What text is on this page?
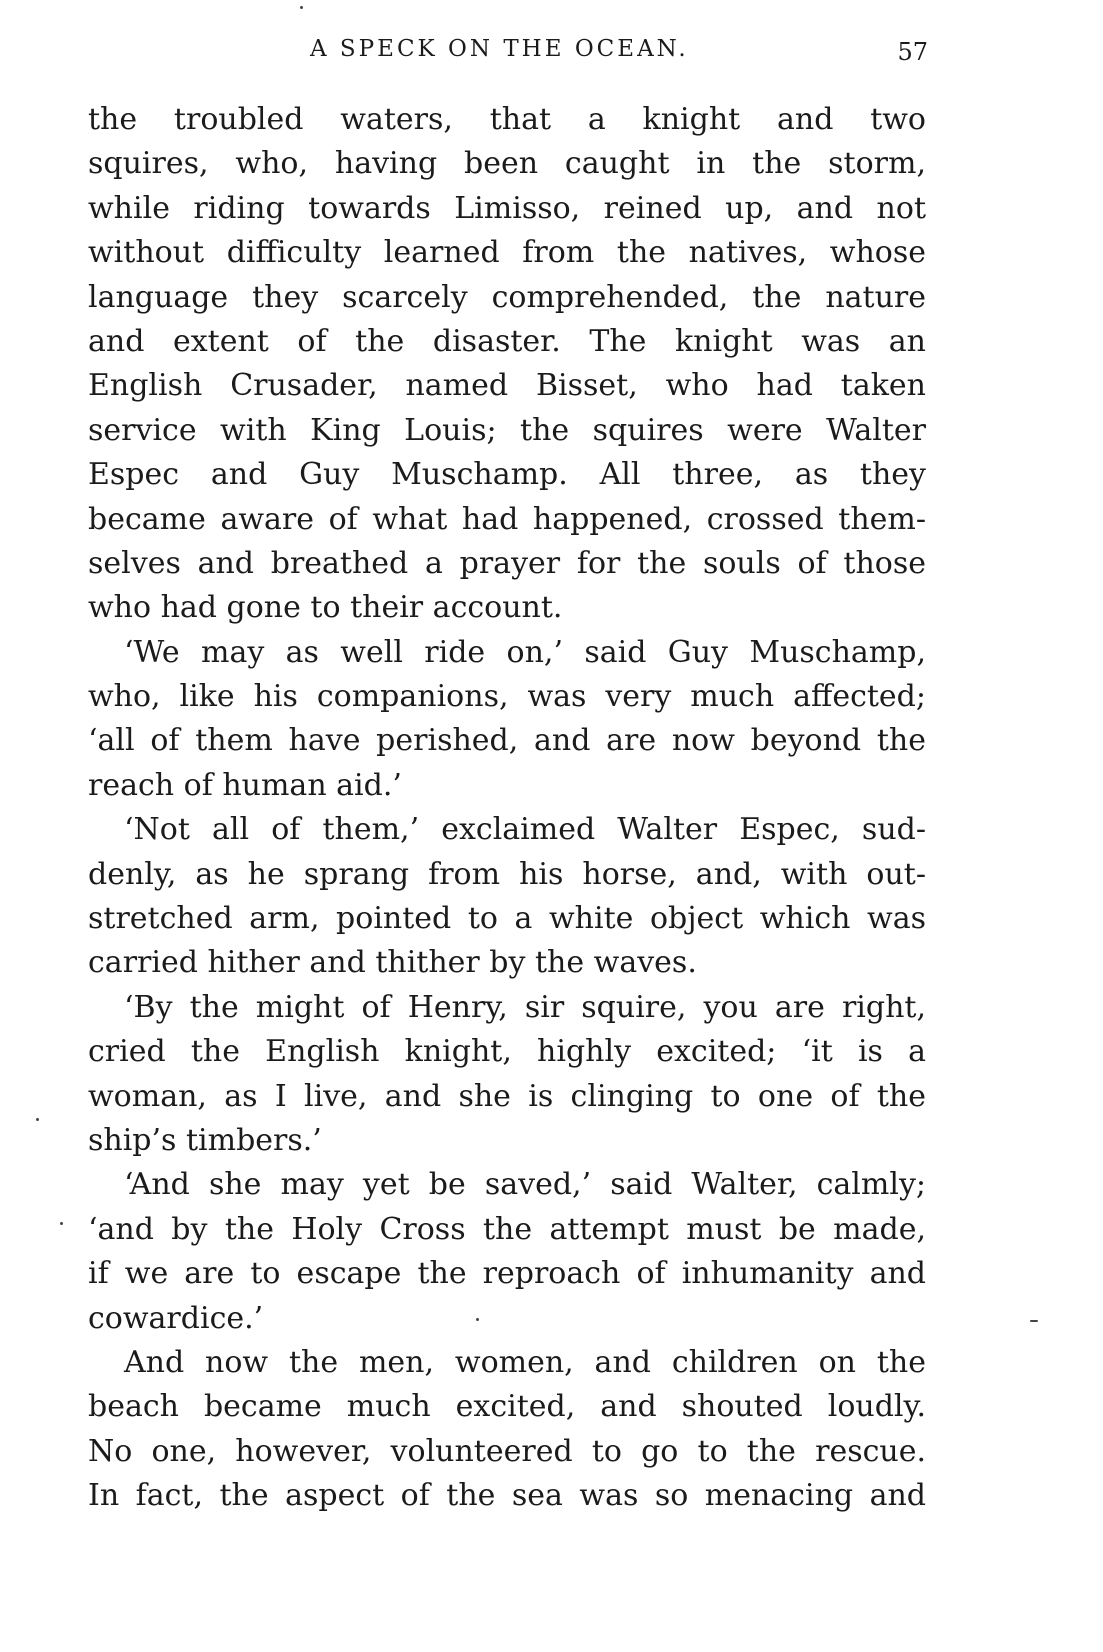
A SPECK ON THE OCEAN.	57
the troubled waters, that a knight and two
squires, who, having been caught in the storm,
while riding towards Limisso, reined up, and not
without difficulty learned from the natives, whose
language they scarcely comprehended, the nature
and extent of the disaster. The knight was an
English Crusader, named Bisset, who had taken
service with King Louis; the squires were Walter
Espec and Guy Muschamp. All three, as they
became aware of what had happened, crossed them-
selves and breathed a prayer for the souls of those
who had gone to their account.
‘We may as well ride on,’ said Guy Muschamp,
who, like his companions, was very much affected;
‘all of them have perished, and are now beyond the
reach of human aid.’
‘Not all of them,’ exclaimed Walter Espec, sud-
denly, as he sprang from his horse, and, with out-
stretched arm, pointed to a white object which was
carried hither and thither by the waves.
‘By the might of Henry, sir squire, you are right,
cried the English knight, highly excited; ‘it is a
woman, as I live, and she is clinging to one of the
ship’s timbers.’
‘And she may yet be saved,’ said Walter, calmly;
‘and by the Holy Cross the attempt must be made,
if we are to escape the reproach of inhumanity and
cowardice.’
And now the men, women, and children on the
beach became much excited, and shouted loudly.
No one, however, volunteered to go to the rescue.
In fact, the aspect of the sea was so menacing and
